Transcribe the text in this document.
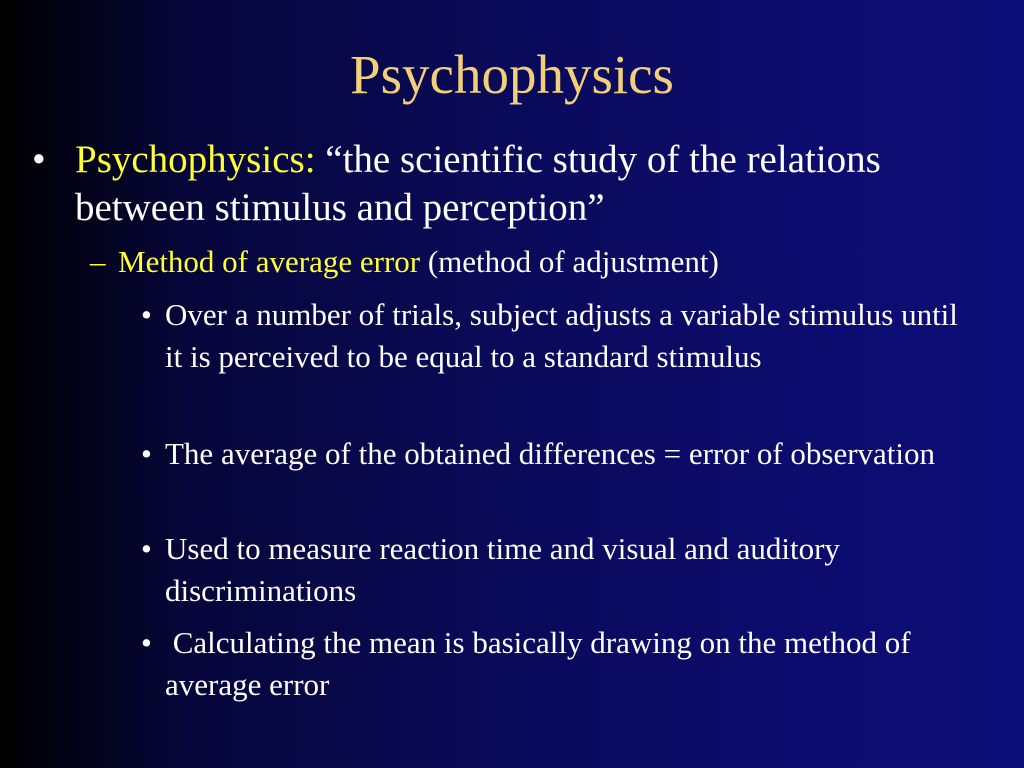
Psychophysics
• Psychophysics: “the scientific study of the relations between stimulus and perception”
– Method of average error (method of adjustment)
• Over a number of trials, subject adjusts a variable stimulus until it is perceived to be equal to a standard stimulus
• The average of the obtained differences = error of observation
• Used to measure reaction time and visual and auditory discriminations
• Calculating the mean is basically drawing on the method of average error
